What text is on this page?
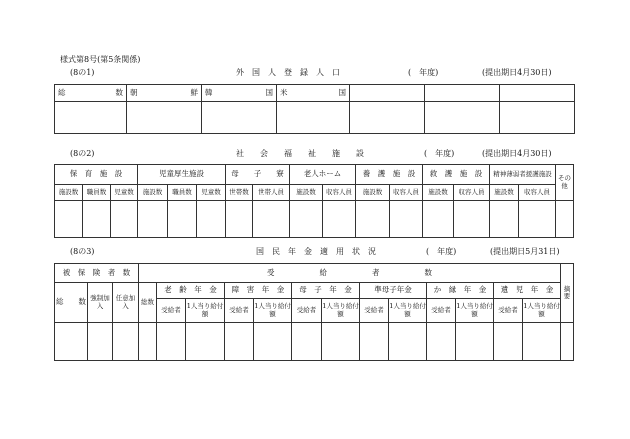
様式第8号(第5条関係)
(8の1)	外　国　人　登　録　人　口	(　年度)	(提出期日4月30日)
総　　　　　　数	朝　　　　　　鮮	韓　　　　　　国	米　　　　　　国				

(8の2)	社　　会　　福　　祉　　施　　設	(　年度)	(提出期日4月30日)
保　育　施　設			児童厚生施設			母　　子　　寮		老人ホーム		養　護　施　設		救　護　施　設		精神薄弱者援護施設		その他
施設数	職員数	児童数	施設数	職員数	児童数	世帯数	世帯人員	施設数	収容人員	施設数	収容人員	施設数	収容人員	施設数	収容人員	

(8の3)	国　民　年　金　適　用　状　況	(　年度)	(提出期日5月31日)
被　保　険　者　数			受　　　　　　給　　　　　　者　　　　　　数													摘要
総　　数	強制加入	任意加入	総数	老　齢　年　金		障　害　年　金		母　子　年　金		準母子年金		か　縁　年　金		遺　児　年　金		
				受給者	1人当り給付額	受給者	1人当り給付額	受給者	1人当り給付額	受給者	1人当り給付額	受給者	1人当り給付額	受給者	1人当り給付額	
